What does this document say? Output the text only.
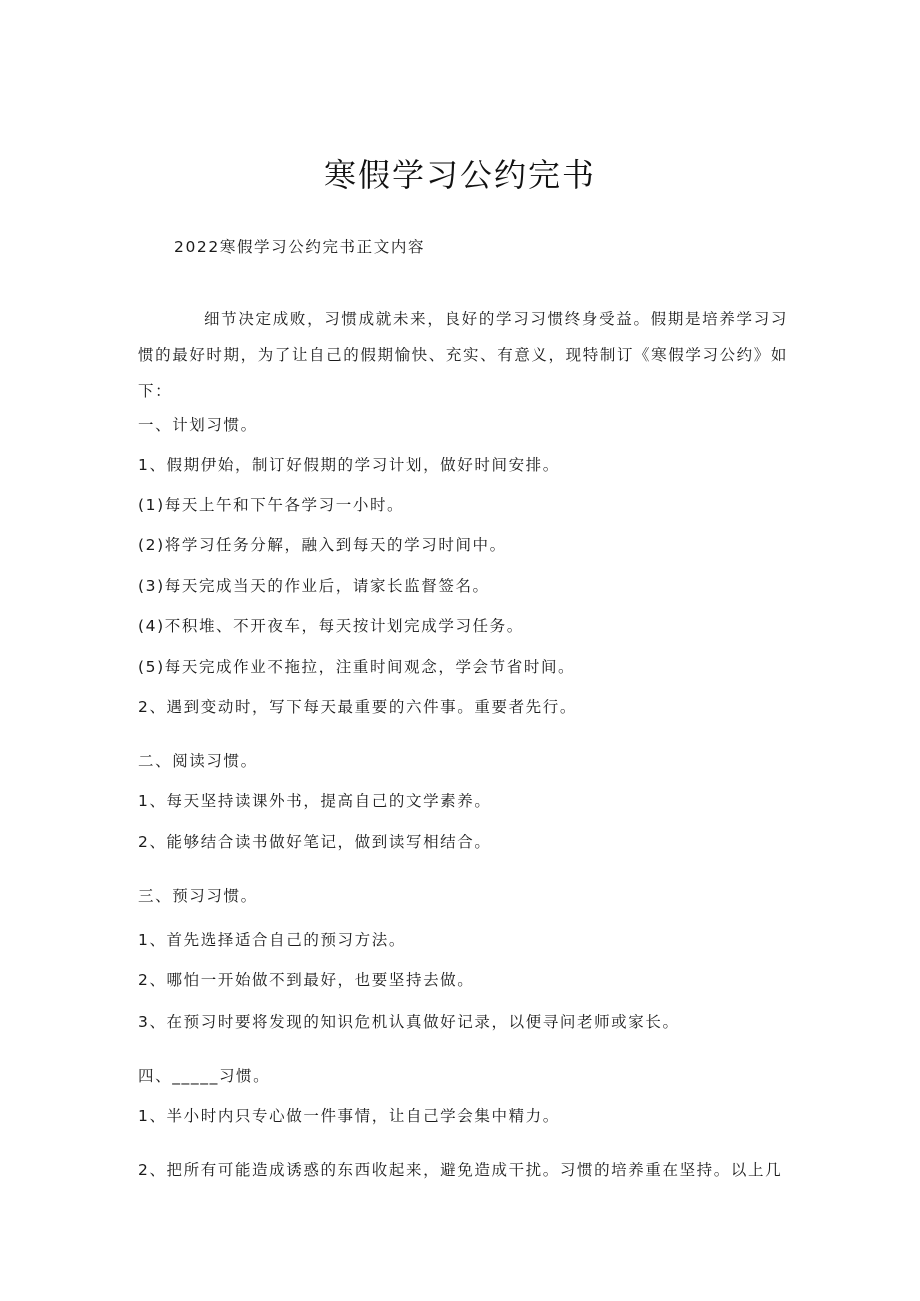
寒假学习公约完书
2022寒假学习公约完书正文内容
细节决定成败，习惯成就未来，良好的学习习惯终身受益。假期是培养学习习惯的最好时期，为了让自己的假期愉快、充实、有意义，现特制订《寒假学习公约》如下：
一、计划习惯。
1、假期伊始，制订好假期的学习计划，做好时间安排。
(1)每天上午和下午各学习一小时。
(2)将学习任务分解，融入到每天的学习时间中。
(3)每天完成当天的作业后，请家长监督签名。
(4)不积堆、不开夜车，每天按计划完成学习任务。
(5)每天完成作业不拖拉，注重时间观念，学会节省时间。
2、遇到变动时，写下每天最重要的六件事。重要者先行。
二、阅读习惯。
1、每天坚持读课外书，提高自己的文学素养。
2、能够结合读书做好笔记，做到读写相结合。
三、预习习惯。
1、首先选择适合自己的预习方法。
2、哪怕一开始做不到最好，也要坚持去做。
3、在预习时要将发现的知识危机认真做好记录，以便寻问老师或家长。
四、_____习惯。
1、半小时内只专心做一件事情，让自己学会集中精力。
2、把所有可能造成诱惑的东西收起来，避免造成干扰。习惯的培养重在坚持。以上几
